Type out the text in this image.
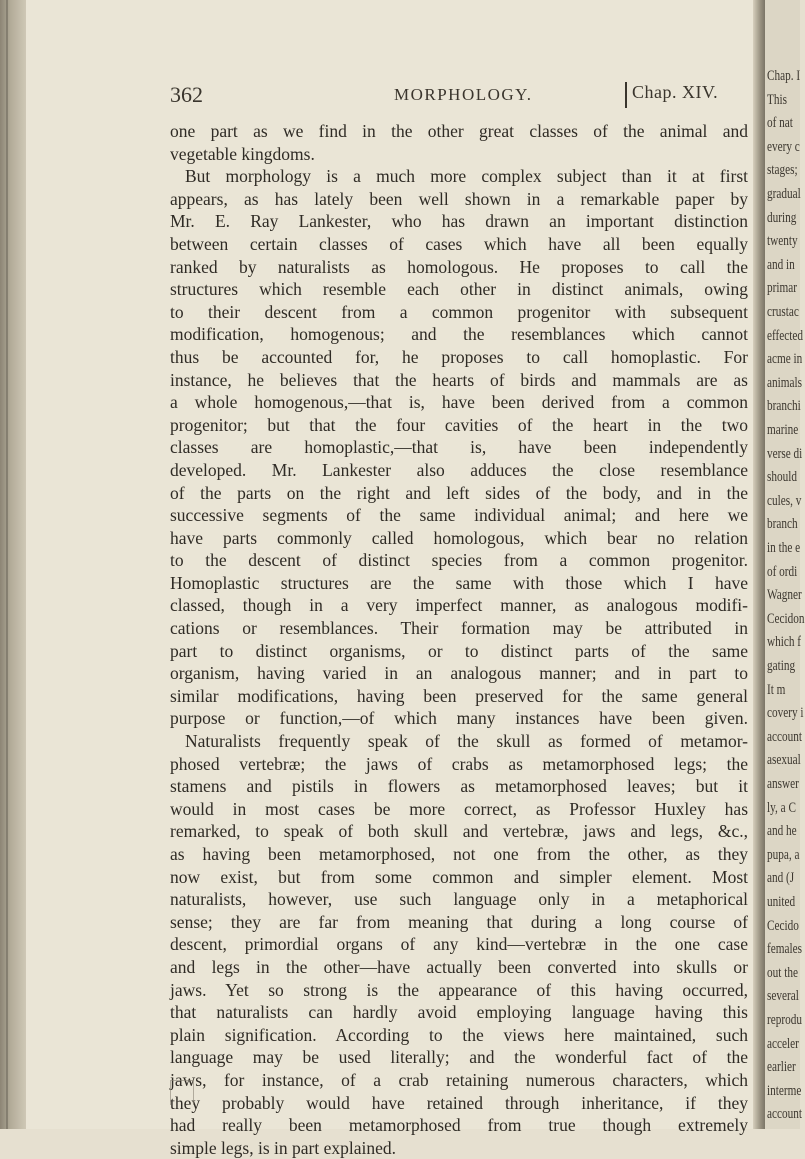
362	MORPHOLOGY.	Chap. XIV.
one part as we find in the other great classes of the animal and
vegetable kingdoms.
But morphology is a much more complex subject than it at first
appears, as has lately been well shown in a remarkable paper by
Mr. E. Ray Lankester, who has drawn an important distinction
between certain classes of cases which have all been equally
ranked by naturalists as homologous. He proposes to call the
structures which resemble each other in distinct animals, owing
to their descent from a common progenitor with subsequent
modification, homogenous; and the resemblances which cannot
thus be accounted for, he proposes to call homoplastic. For
instance, he believes that the hearts of birds and mammals are as
a whole homogenous,—that is, have been derived from a common
progenitor; but that the four cavities of the heart in the two
classes are homoplastic,—that is, have been independently
developed. Mr. Lankester also adduces the close resemblance
of the parts on the right and left sides of the body, and in the
successive segments of the same individual animal; and here we
have parts commonly called homologous, which bear no relation
to the descent of distinct species from a common progenitor.
Homoplastic structures are the same with those which I have
classed, though in a very imperfect manner, as analogous modifi-
cations or resemblances. Their formation may be attributed in
part to distinct organisms, or to distinct parts of the same
organism, having varied in an analogous manner; and in part to
similar modifications, having been preserved for the same general
purpose or function,—of which many instances have been given.
Naturalists frequently speak of the skull as formed of metamor-
phosed vertebræ; the jaws of crabs as metamorphosed legs; the
stamens and pistils in flowers as metamorphosed leaves; but it
would in most cases be more correct, as Professor Huxley has
remarked, to speak of both skull and vertebræ, jaws and legs, &c.,
as having been metamorphosed, not one from the other, as they
now exist, but from some common and simpler element. Most
naturalists, however, use such language only in a metaphorical
sense; they are far from meaning that during a long course of
descent, primordial organs of any kind—vertebræ in the one case
and legs in the other—have actually been converted into skulls or
jaws. Yet so strong is the appearance of this having occurred,
that naturalists can hardly avoid employing language having this
plain signification. According to the views here maintained, such
language may be used literally; and the wonderful fact of the
jaws, for instance, of a crab retaining numerous characters, which
they probably would have retained through inheritance, if they
had really been metamorphosed from true though extremely
simple legs, is in part explained.
Chap. I
This
of nat
every c
stages;
gradual
during
twenty
and in
primar
crustac
effected
acme in
animals
branchi
marine
verse di
should
cules, v
branch
in the e
of ordi
Wagner
Cecidon
which f
gating
It m
covery i
account
asexual
answer
ly, a C
and he
pupa, a
and (J
united
Cecido
females
out the
several
reprodu
acceler
earlier
interme
account
